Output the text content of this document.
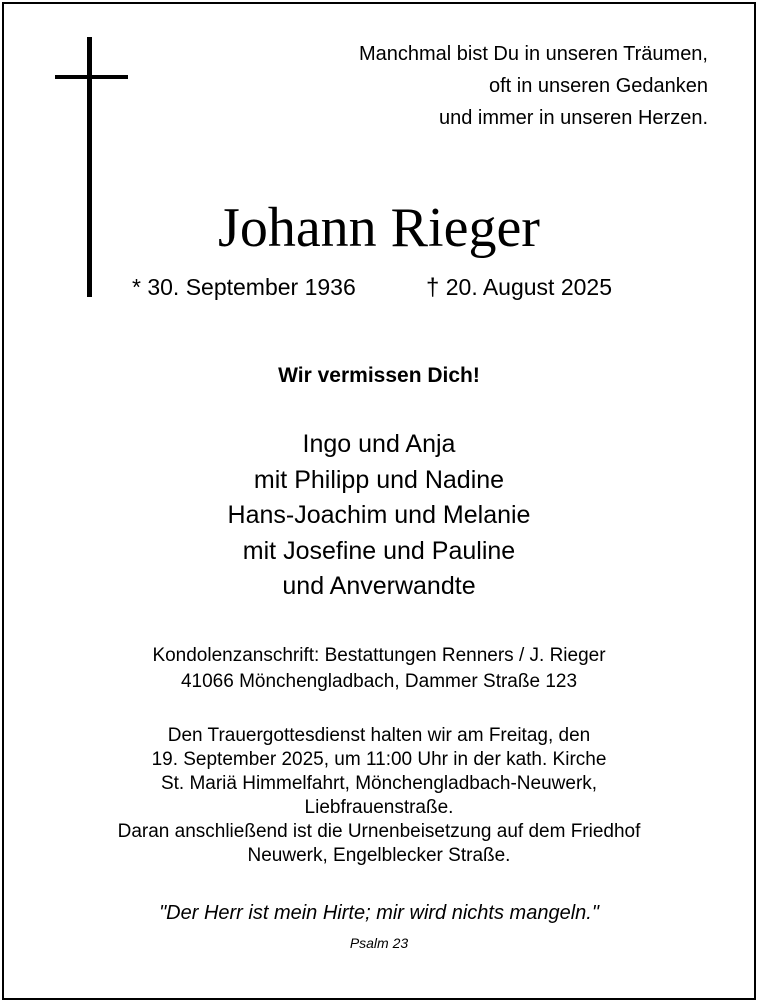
Manchmal bist Du in unseren Träumen,
oft in unseren Gedanken
und immer in unseren Herzen.
Johann Rieger
* 30. September 1936	† 20. August 2025
Wir vermissen Dich!
Ingo und Anja
mit Philipp und Nadine
Hans-Joachim und Melanie
mit Josefine und Pauline
und Anverwandte
Kondolenzanschrift: Bestattungen Renners / J. Rieger
41066 Mönchengladbach, Dammer Straße 123
Den Trauergottesdienst halten wir am Freitag, den
19. September 2025, um 11:00 Uhr in der kath. Kirche
St. Mariä Himmelfahrt, Mönchengladbach-Neuwerk,
Liebfrauenstraße.
Daran anschließend ist die Urnenbeisetzung auf dem Friedhof
Neuwerk, Engelblecker Straße.
"Der Herr ist mein Hirte; mir wird nichts mangeln."
Psalm 23
